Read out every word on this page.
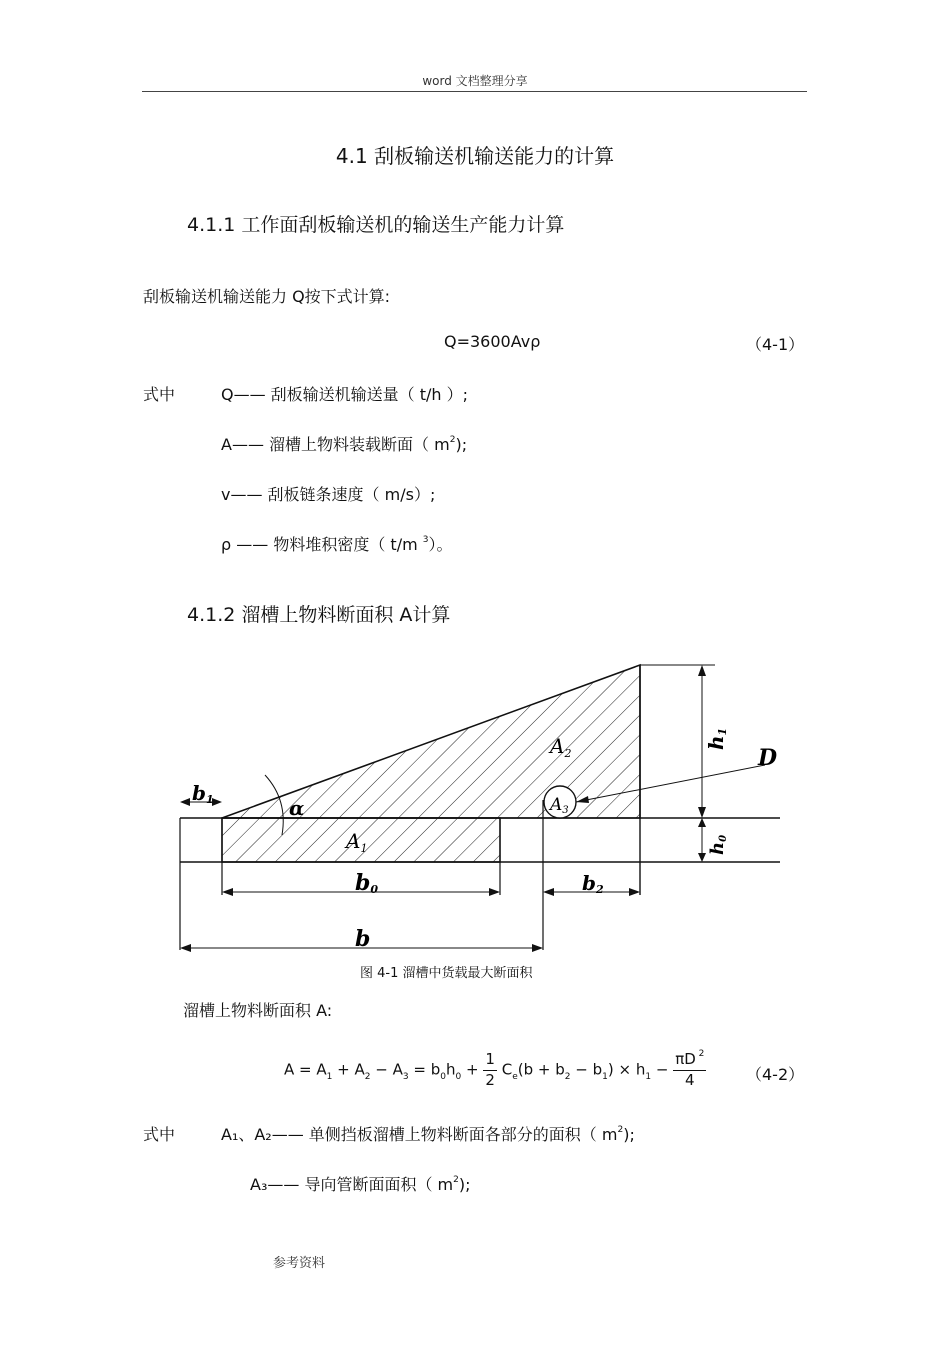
word 文档整理分享
4.1 刮板输送机输送能力的计算
4.1.1 工作面刮板输送机的输送生产能力计算
刮板输送机输送能力 Q按下式计算:
Q=3600Avρ	（4-1）
式中	Q—— 刮板输送机输送量（ t/h ）;
A—— 溜槽上物料装载断面（ $m^2$);
v—— 刮板链条速度（ m/s）;
ρ —— 物料堆积密度（ t/m $^3$）。
4.1.2 溜槽上物料断面积 A计算
$A_2$
$A_1$
A3
b0	b2
b
b1	α
D
h1
h0
图 4-1 溜槽中货载最大断面积
溜槽上物料断面积 A:
$A = A_1 + A_2 - A_3 = b_0h_0 + \frac{1}{2} C_e(b + b_2 - b_1) \times h_1 - \frac{\pi D ^2}{4} (4-2)$
式中	A₁、A₂—— 单侧挡板溜槽上物料断面各部分的面积（ $m^2$);
A₃—— 导向管断面面积（ $m^2$);
参考资料
